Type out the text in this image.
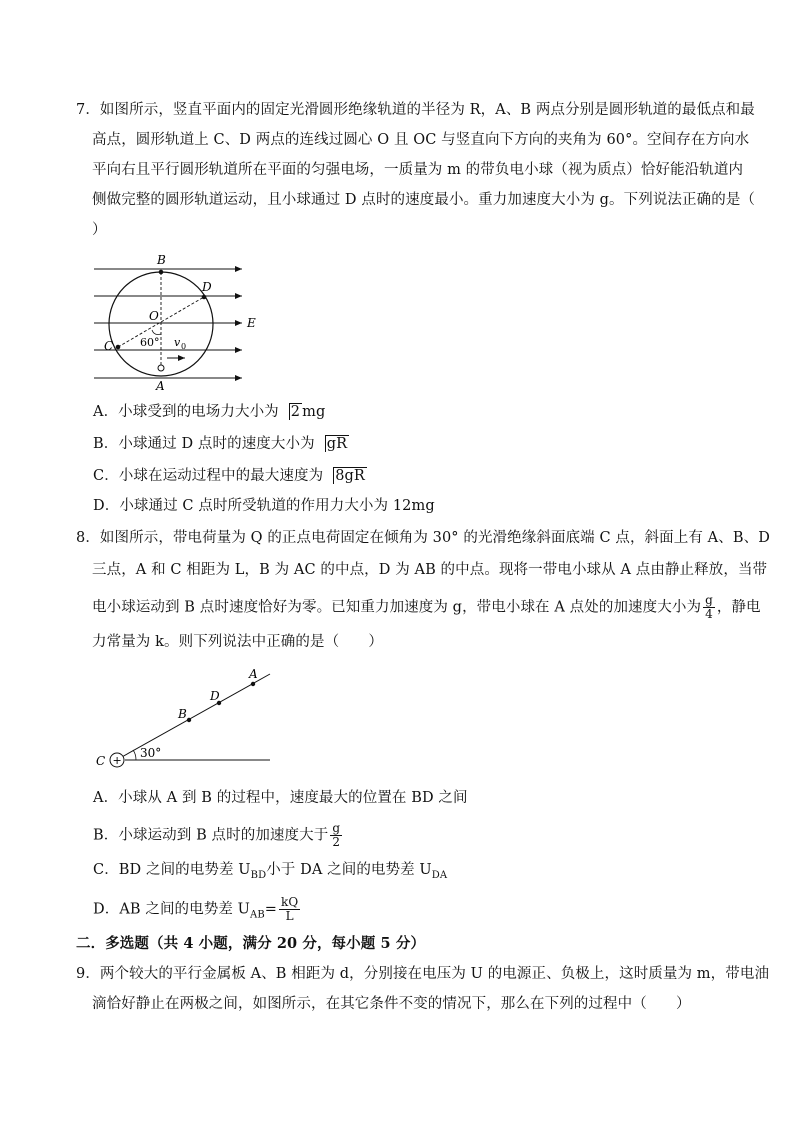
7．如图所示，竖直平面内的固定光滑圆形绝缘轨道的半径为 R，A、B 两点分别是圆形轨道的最低点和最
高点，圆形轨道上 C、D 两点的连线过圆心 O 且 OC 与竖直向下方向的夹角为 60°。空间存在方向水
平向右且平行圆形轨道所在平面的匀强电场，一质量为 m 的带负电小球（视为质点）恰好能沿轨道内
侧做完整的圆形轨道运动，且小球通过 D 点时的速度最小。重力加速度大小为 g。下列说法正确的是（
）
B
D
O	E
C 60° v 0
A
A．小球受到的电场力大小为 2 mg
B．小球通过 D 点时的速度大小为 gR
C．小球在运动过程中的最大速度为 8gR
D．小球通过 C 点时所受轨道的作用力大小为 12mg
8．如图所示，带电荷量为 Q 的正点电荷固定在倾角为 30° 的光滑绝缘斜面底端 C 点，斜面上有 A、B、D
三点，A 和 C 相距为 L，B 为 AC 的中点，D 为 AB 的中点。现将一带电小球从 A 点由静止释放，当带
电小球运动到 B 点时速度恰好为零。已知重力加速度为 g，带电小球在 A 点处的加速度大小为 $\frac{g}{4}$ ，静电
力常量为 k。则下列说法中正确的是（　　）
+
A
D
B
C
30°
A．小球从 A 到 B 的过程中，速度最大的位置在 BD 之间
B．小球运动到 B 点时的加速度大于 $\frac{g}{2}$
C．BD 之间的电势差 $U_{BD}$小于 DA 之间的电势差 $U_{DA}$
D．AB 之间的电势差 $U_{AB}= \frac{kQ}{L}$
二．多选题（共 4 小题，满分 20 分，每小题 5 分）
9．两个较大的平行金属板 A、B 相距为 d，分别接在电压为 U 的电源正、负极上，这时质量为 m，带电油
滴恰好静止在两极之间，如图所示，在其它条件不变的情况下，那么在下列的过程中（　　）
